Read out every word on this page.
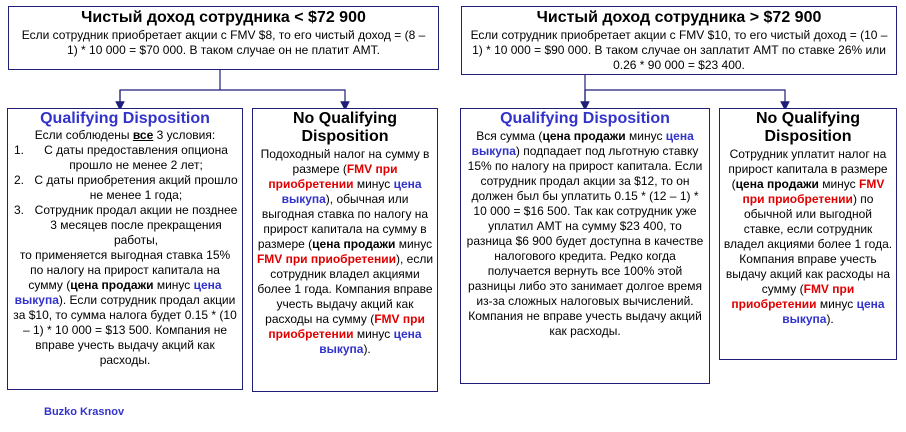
Чистый доход сотрудника < $72 900
Если сотрудник приобретает акции с FMV $8, то его чистый доход = (8 – 1) * 10 000 = $70 000. В таком случае он не платит АМТ.
Чистый доход сотрудника > $72 900
Если сотрудник приобретает акции с FMV $10, то его чистый доход = (10 – 1) * 10 000 = $90 000. В таком случае он заплатит АМТ по ставке 26% или 0.26 * 90 000 = $23 400.
Qualifying Disposition
Если соблюдены все 3 условия:
1. С даты предоставления опциона прошло не менее 2 лет;
2. С даты приобретения акций прошло не менее 1 года;
3. Сотрудник продал акции не позднее 3 месяцев после прекращения работы,
то применяется выгодная ставка 15% по налогу на прирост капитала на сумму (цена продажи минус цена выкупа). Если сотрудник продал акции за $10, то сумма налога будет 0.15 * (10 – 1) * 10 000 = $13 500. Компания не вправе учесть выдачу акций как расходы.
No Qualifying Disposition
Подоходный налог на сумму в размере (FMV при приобретении минус цена выкупа), обычная или выгодная ставка по налогу на прирост капитала на сумму в размере (цена продажи минус FMV при приобретении), если сотрудник владел акциями более 1 года. Компания вправе учесть выдачу акций как расходы на сумму (FMV при приобретении минус цена выкупа).
Qualifying Disposition
Вся сумма (цена продажи минус цена выкупа) подпадает под льготную ставку 15% по налогу на прирост капитала. Если сотрудник продал акции за $12, то он должен был бы уплатить 0.15 * (12 – 1) * 10 000 = $16 500. Так как сотрудник уже уплатил АМТ на сумму $23 400, то разница $6 900 будет доступна в качестве налогового кредита. Редко когда получается вернуть все 100% этой разницы либо это занимает долгое время из-за сложных налоговых вычислений. Компания не вправе учесть выдачу акций как расходы.
No Qualifying Disposition
Сотрудник уплатит налог на прирост капитала в размере (цена продажи минус FMV при приобретении) по обычной или выгодной ставке, если сотрудник владел акциями более 1 года. Компания вправе учесть выдачу акций как расходы на сумму (FMV при приобретении минус цена выкупа).
Buzko Krasnov
